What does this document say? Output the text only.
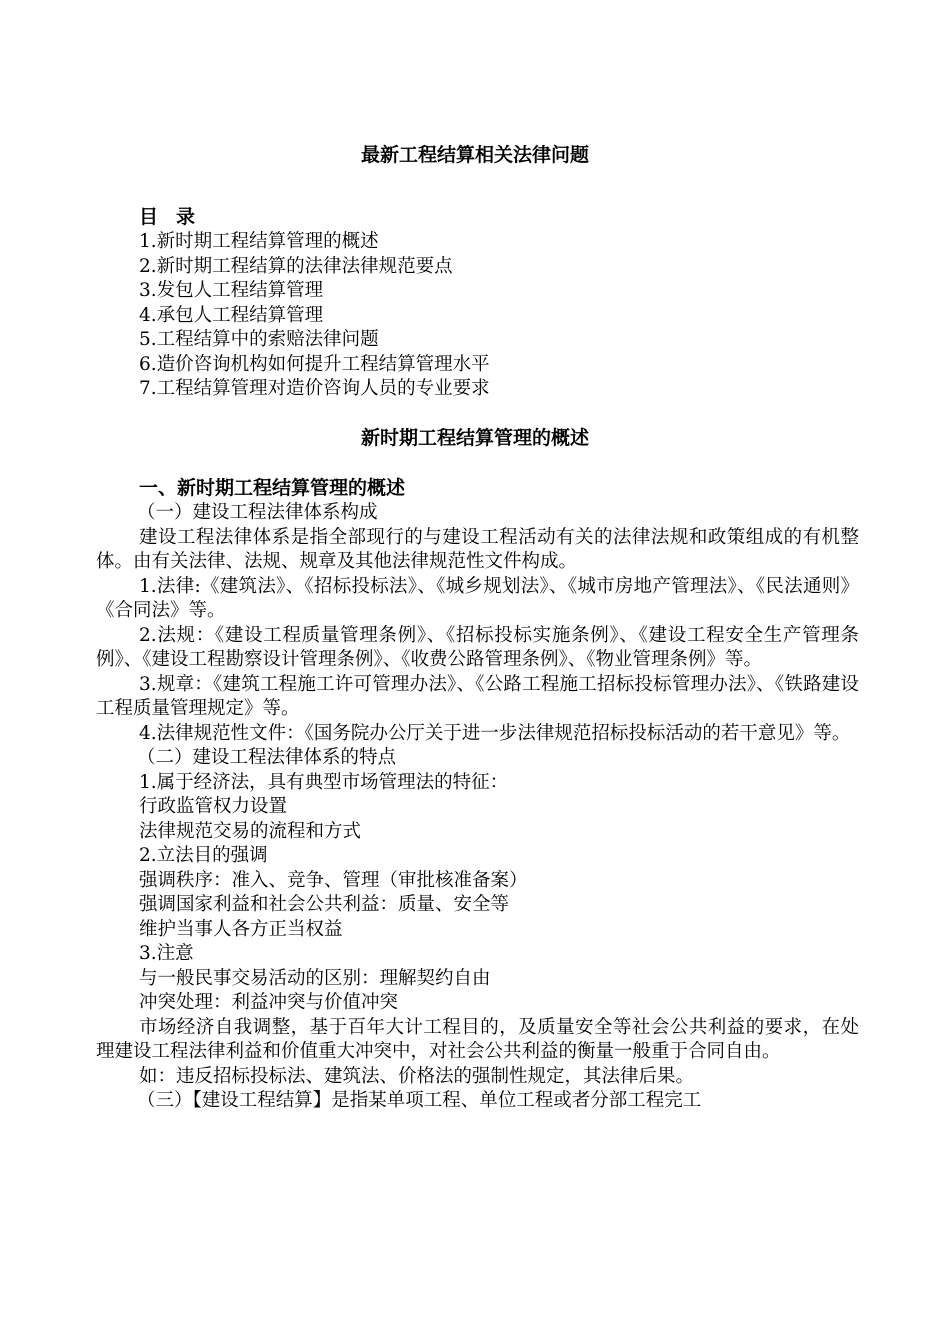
最新工程结算相关法律问题
目录
1.新时期工程结算管理的概述
2.新时期工程结算的法律法律规范要点
3.发包人工程结算管理
4.承包人工程结算管理
5.工程结算中的索赔法律问题
6.造价咨询机构如何提升工程结算管理水平
7.工程结算管理对造价咨询人员的专业要求
新时期工程结算管理的概述
一、新时期工程结算管理的概述
（一）建设工程法律体系构成
建设工程法律体系是指全部现行的与建设工程活动有关的法律法规和政策组成的有机整体。由有关法律、法规、规章及其他法律规范性文件构成。
1.法律:《建筑法》、《招标投标法》、《城乡规划法》、《城市房地产管理法》、《民法通则》《合同法》等。
2.法规：《建设工程质量管理条例》、《招标投标实施条例》、《建设工程安全生产管理条例》、《建设工程勘察设计管理条例》、《收费公路管理条例》、《物业管理条例》等。
3.规章：《建筑工程施工许可管理办法》、《公路工程施工招标投标管理办法》、《铁路建设工程质量管理规定》等。
4.法律规范性文件：《国务院办公厅关于进一步法律规范招标投标活动的若干意见》等。
（二）建设工程法律体系的特点
1.属于经济法，具有典型市场管理法的特征：
行政监管权力设置
法律规范交易的流程和方式
2.立法目的强调
强调秩序：准入、竞争、管理（审批核准备案）
强调国家利益和社会公共利益：质量、安全等
维护当事人各方正当权益
3.注意
与一般民事交易活动的区别：理解契约自由
冲突处理：利益冲突与价值冲突
市场经济自我调整，基于百年大计工程目的，及质量安全等社会公共利益的要求，在处理建设工程法律利益和价值重大冲突中，对社会公共利益的衡量一般重于合同自由。
如：违反招标投标法、建筑法、价格法的强制性规定，其法律后果。
（三）【建设工程结算】是指某单项工程、单位工程或者分部工程完工
